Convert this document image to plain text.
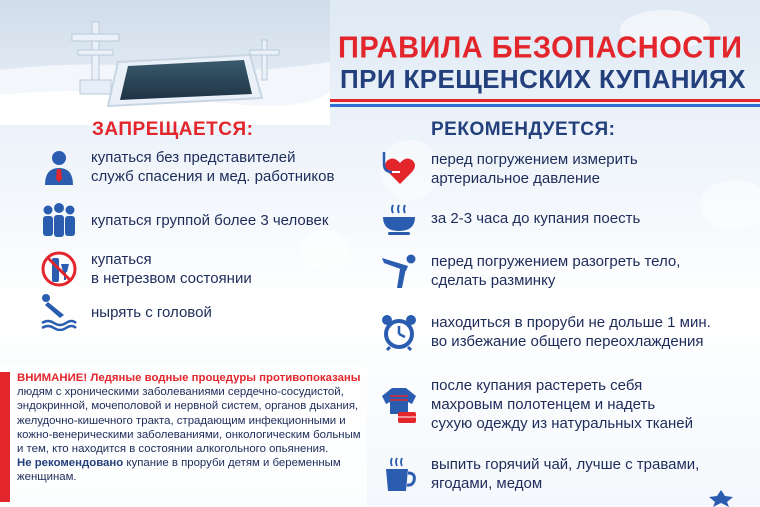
ПРАВИЛА БЕЗОПАСНОСТИ
ПРИ КРЕЩЕНСКИХ КУПАНИЯХ
ЗАПРЕЩАЕТСЯ:	РЕКОМЕНДУЕТСЯ:
купаться без представителей
служб спасения и мед. работников
купаться группой более 3 человек
купаться
в нетрезвом состоянии
нырять с головой
перед погружением измерить
артериальное давление
за 2-3 часа до купания поесть
перед погружением разогреть тело,
сделать разминку
находиться в проруби не дольше 1 мин.
во избежание общего переохлаждения
после купания растереть себя
махровым полотенцем и надеть
сухую одежду из натуральных тканей
выпить горячий чай, лучше с травами,
ягодами, медом
ВНИМАНИЕ! Ледяные водные процедуры противопоказаны
людям с хроническими заболеваниями сердечно-сосудистой, эндокринной, мочеполовой и нервной систем, органов дыхания, желудочно-кишечного тракта, страдающим инфекционными и кожно-венерическими заболеваниями, онкологическим больным и тем, кто находится в состоянии алкогольного опьянения.
Не рекомендовано купание в проруби детям и беременным женщинам.
